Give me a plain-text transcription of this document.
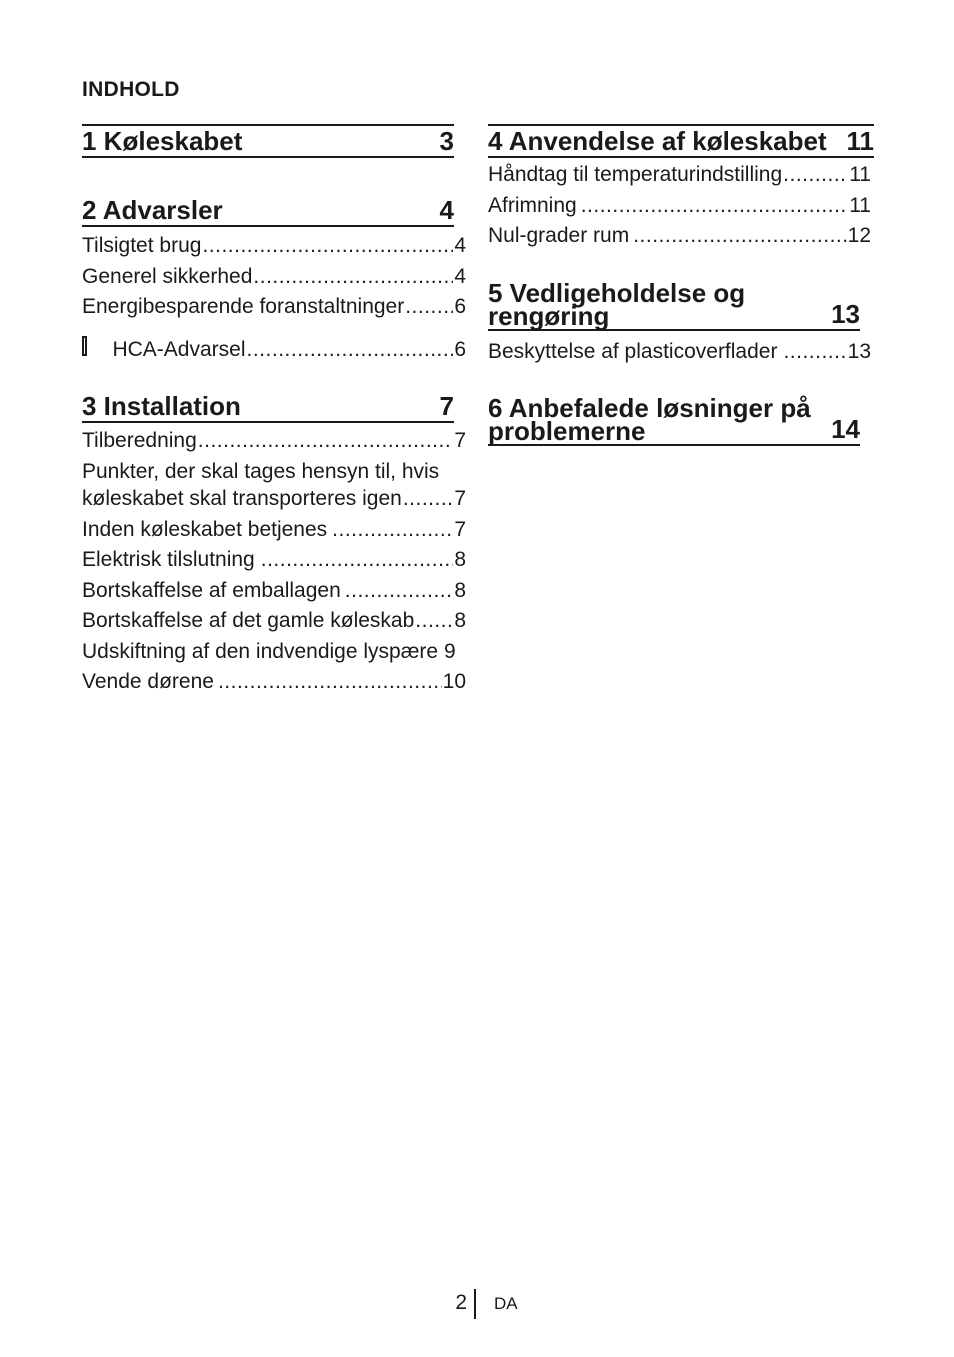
INDHOLD
1 Køleskabet	3
2 Advarsler	4
Tilsigtet brug .....	4
Generel sikkerhed .....	4
Energibesparende foranstaltninger ..... 6
HCA-Advarsel .....	6
3 Installation	7
Tilberedning .....	7
Punkter, der skal tages hensyn til, hvis
køleskabet skal transporteres igen ..... 7
Inden køleskabet betjenes .....	7
Elektrisk tilslutning .....	8
Bortskaffelse af emballagen .....	8
Bortskaffelse af det gamle køleskab ..... 8
Udskiftning af den indvendige lyspære 9
Vende dørene .....	10
4 Anvendelse af køleskabet 11
Håndtag til temperaturindstilling .....	11
Afrimning .....	11
Nul-grader rum .....	12
5 Vedligeholdelse og
rengøring	13
Beskyttelse af plasticoverflader .....	13
6 Anbefalede løsninger på
problemerne	14
2 DA
